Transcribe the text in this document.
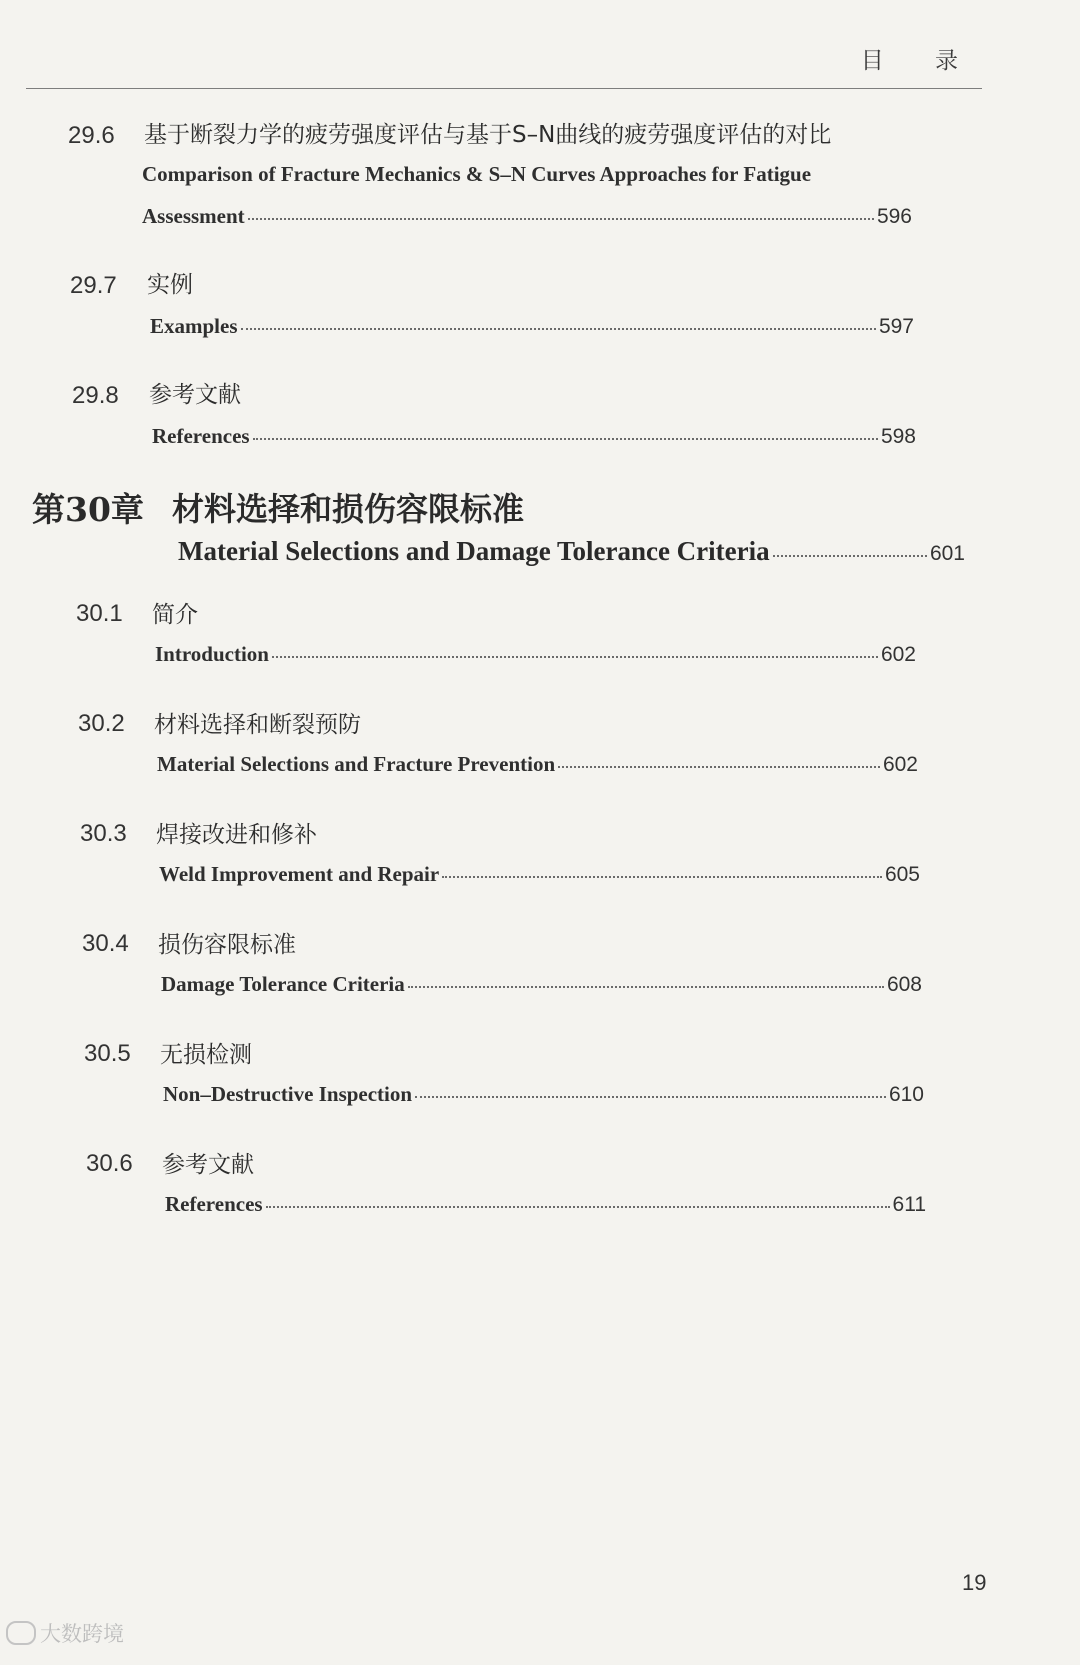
目 录
29.6 基于断裂力学的疲劳强度评估与基于S–N曲线的疲劳强度评估的对比
Comparison of Fracture Mechanics & S–N Curves Approaches for Fatigue
Assessment	596
29.7 实例
Examples	597
29.8 参考文献
References	598
第30章 材料选择和损伤容限标准
Material Selections and Damage Tolerance Criteria	601
30.1 简介
Introduction	602
30.2 材料选择和断裂预防
Material Selections and Fracture Prevention	602
30.3 焊接改进和修补
Weld Improvement and Repair	605
30.4 损伤容限标准
Damage Tolerance Criteria	608
30.5 无损检测
Non–Destructive Inspection	610
30.6 参考文献
References	611
19
大数跨境
